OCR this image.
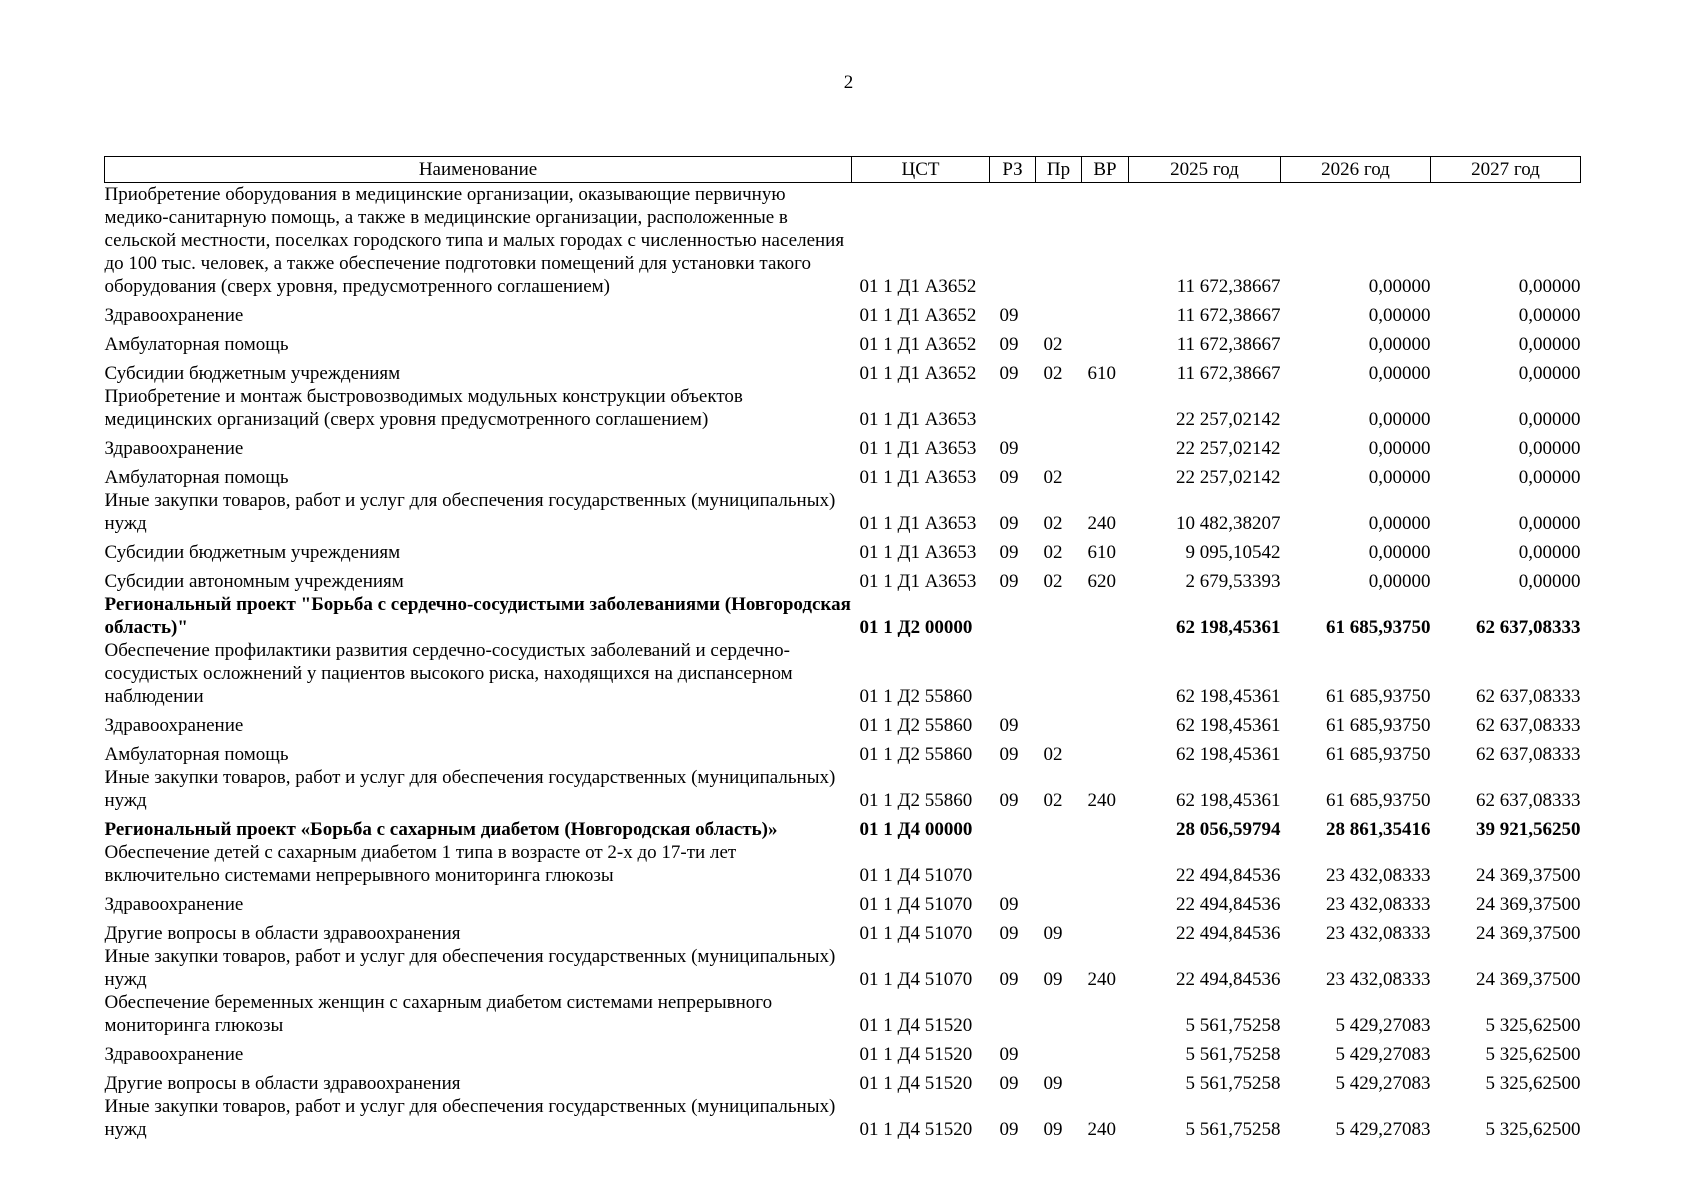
2
Наименование	ЦСТ	РЗ	Пр	ВР	2025 год	2026 год	2027 год
Приобретение оборудования в медицинские организации, оказывающие первичную медико-санитарную помощь, а также в медицинские организации, расположенные в сельской местности, поселках городского типа и малых городах с численностью населения до 100 тыс. человек, а также обеспечение подготовки помещений для установки такого оборудования (сверх уровня, предусмотренного соглашением)	01 1 Д1 А3652				11 672,38667	0,00000	0,00000
Здравоохранение	01 1 Д1 А3652	09			11 672,38667	0,00000	0,00000
Амбулаторная помощь	01 1 Д1 А3652	09	02		11 672,38667	0,00000	0,00000
Субсидии бюджетным учреждениям	01 1 Д1 А3652	09	02	610	11 672,38667	0,00000	0,00000
Приобретение и монтаж быстровозводимых модульных конструкции объектов медицинских организаций (сверх уровня предусмотренного соглашением)	01 1 Д1 А3653				22 257,02142	0,00000	0,00000
Здравоохранение	01 1 Д1 А3653	09			22 257,02142	0,00000	0,00000
Амбулаторная помощь	01 1 Д1 А3653	09	02		22 257,02142	0,00000	0,00000
Иные закупки товаров, работ и услуг для обеспечения государственных (муниципальных) нужд	01 1 Д1 А3653	09	02	240	10 482,38207	0,00000	0,00000
Субсидии бюджетным учреждениям	01 1 Д1 А3653	09	02	610	9 095,10542	0,00000	0,00000
Субсидии автономным учреждениям	01 1 Д1 А3653	09	02	620	2 679,53393	0,00000	0,00000
Региональный проект "Борьба с сердечно-сосудистыми заболеваниями (Новгородская область)"	01 1 Д2 00000				62 198,45361	61 685,93750	62 637,08333
Обеспечение профилактики развития сердечно-сосудистых заболеваний и сердечно-сосудистых осложнений у пациентов высокого риска, находящихся на диспансерном наблюдении	01 1 Д2 55860				62 198,45361	61 685,93750	62 637,08333
Здравоохранение	01 1 Д2 55860	09			62 198,45361	61 685,93750	62 637,08333
Амбулаторная помощь	01 1 Д2 55860	09	02		62 198,45361	61 685,93750	62 637,08333
Иные закупки товаров, работ и услуг для обеспечения государственных (муниципальных) нужд	01 1 Д2 55860	09	02	240	62 198,45361	61 685,93750	62 637,08333
Региональный проект «Борьба с сахарным диабетом (Новгородская область)»	01 1 Д4 00000				28 056,59794	28 861,35416	39 921,56250
Обеспечение детей с сахарным диабетом 1 типа в возрасте от 2-х до 17-ти лет включительно системами непрерывного мониторинга глюкозы	01 1 Д4 51070				22 494,84536	23 432,08333	24 369,37500
Здравоохранение	01 1 Д4 51070	09			22 494,84536	23 432,08333	24 369,37500
Другие вопросы в области здравоохранения	01 1 Д4 51070	09	09		22 494,84536	23 432,08333	24 369,37500
Иные закупки товаров, работ и услуг для обеспечения государственных (муниципальных) нужд	01 1 Д4 51070	09	09	240	22 494,84536	23 432,08333	24 369,37500
Обеспечение беременных женщин с сахарным диабетом системами непрерывного мониторинга глюкозы	01 1 Д4 51520				5 561,75258	5 429,27083	5 325,62500
Здравоохранение	01 1 Д4 51520	09			5 561,75258	5 429,27083	5 325,62500
Другие вопросы в области здравоохранения	01 1 Д4 51520	09	09		5 561,75258	5 429,27083	5 325,62500
Иные закупки товаров, работ и услуг для обеспечения государственных (муниципальных) нужд	01 1 Д4 51520	09	09	240	5 561,75258	5 429,27083	5 325,62500
